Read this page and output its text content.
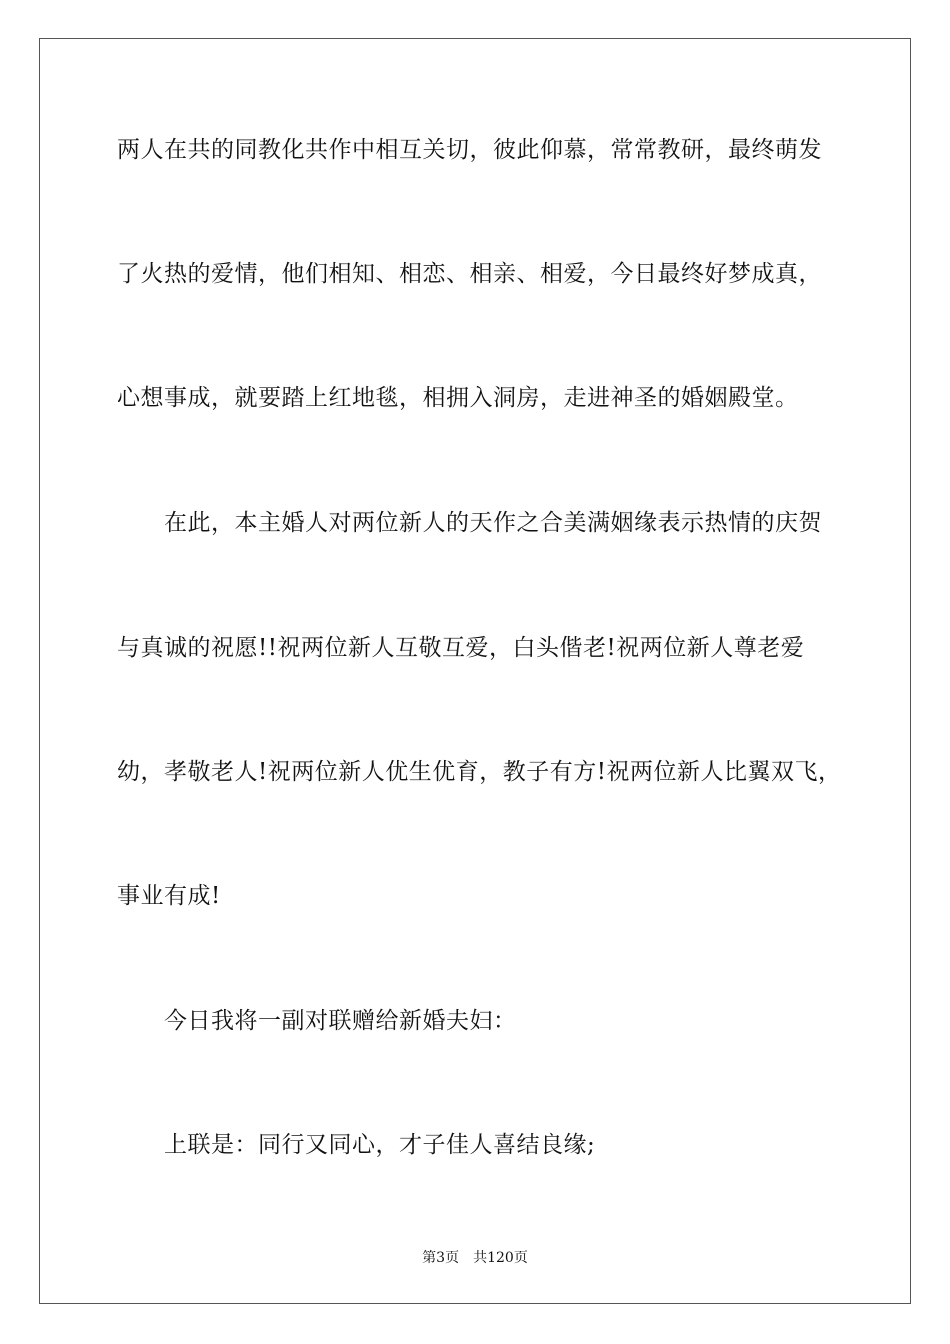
两人在共的同教化共作中相互关切，彼此仰慕，常常教研，最终萌发
了火热的爱情，他们相知、相恋、相亲、相爱，今日最终好梦成真，
心想事成，就要踏上红地毯，相拥入洞房，走进神圣的婚姻殿堂。
在此，本主婚人对两位新人的天作之合美满姻缘表示热情的庆贺
与真诚的祝愿!!祝两位新人互敬互爱，白头偕老!祝两位新人尊老爱
幼，孝敬老人!祝两位新人优生优育，教子有方!祝两位新人比翼双飞，
事业有成!
今日我将一副对联赠给新婚夫妇：
上联是：同行又同心，才子佳人喜结良缘;
第3页 共120页
